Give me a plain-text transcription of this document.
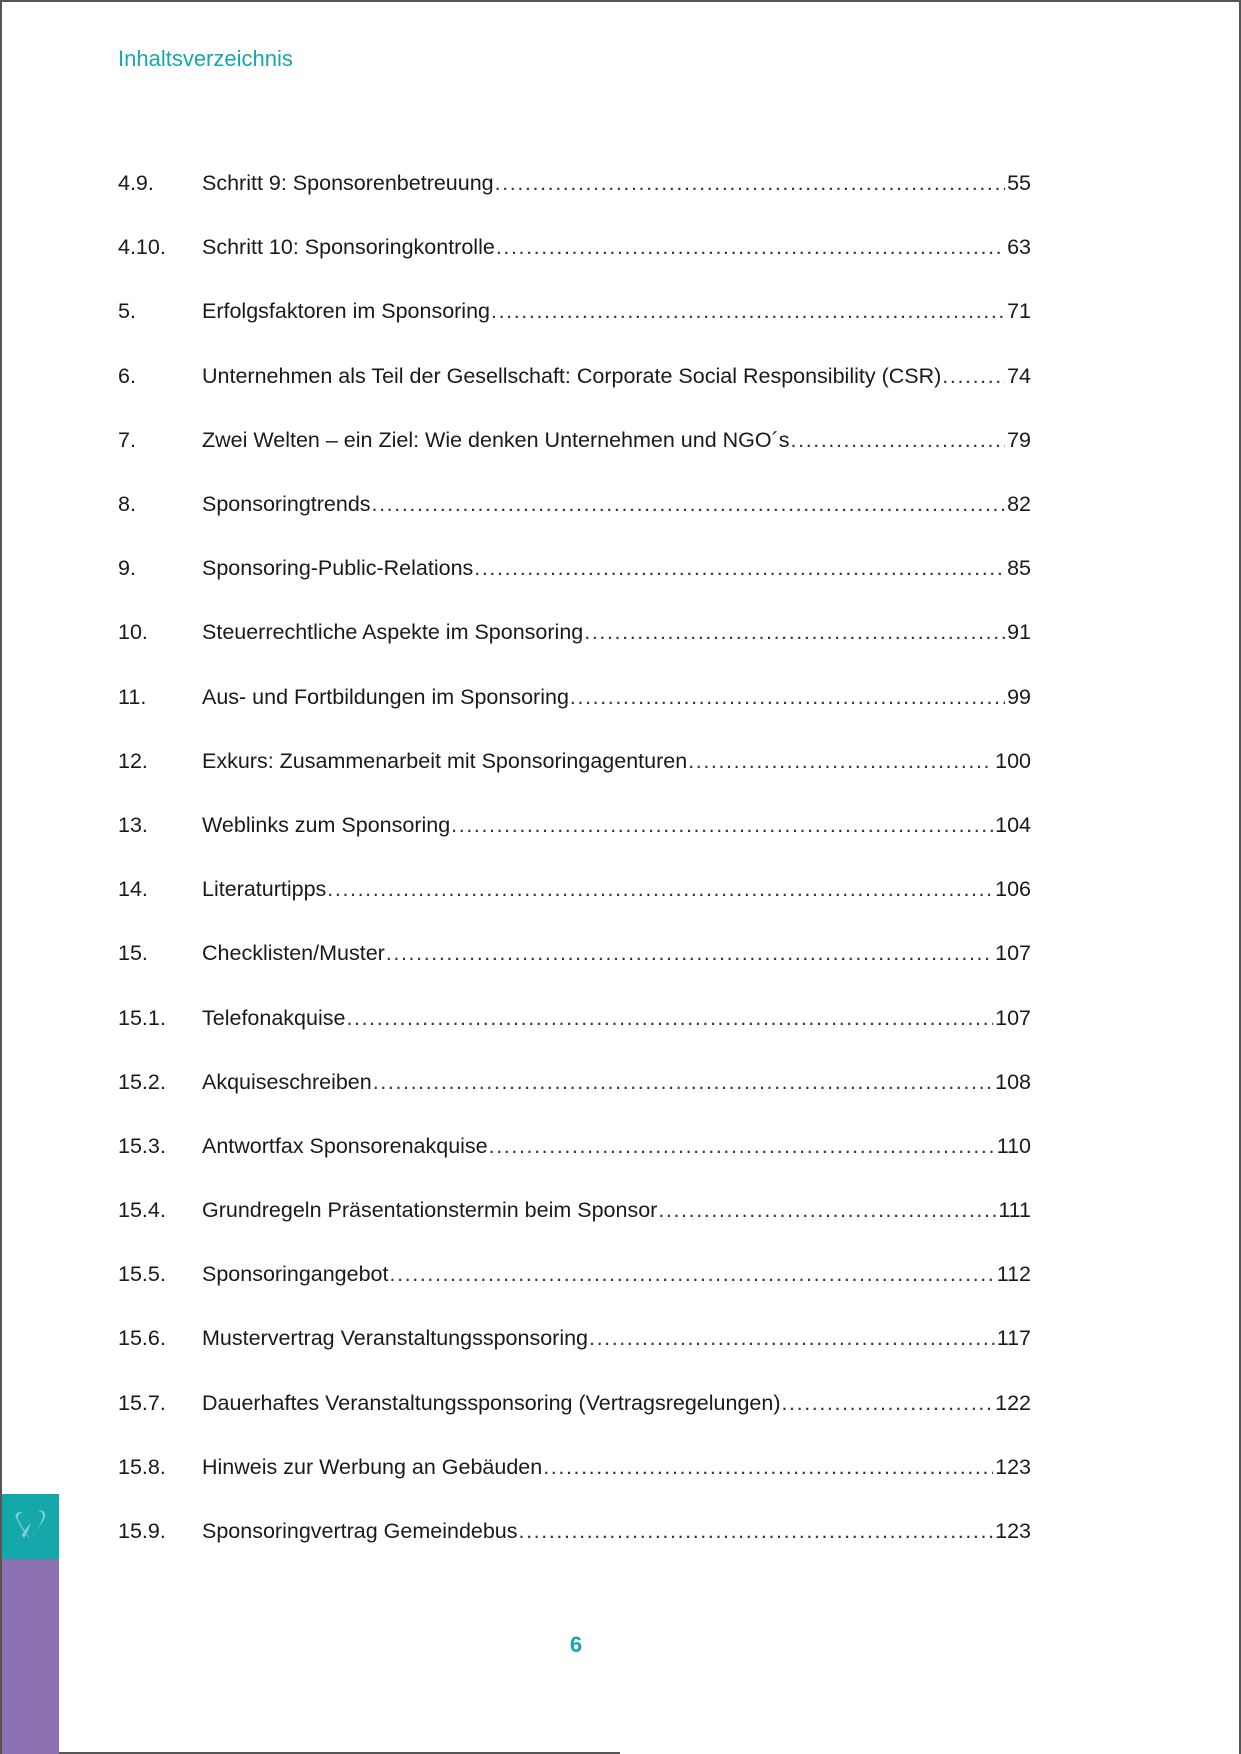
Inhaltsverzeichnis
4.9.	Schritt 9: Sponsorenbetreuung .....	55
4.10.	Schritt 10: Sponsoringkontrolle .....	63
5.	Erfolgsfaktoren im Sponsoring .....	71
6.	Unternehmen als Teil der Gesellschaft: Corporate Social Responsibility (CSR) .....	74
7.	Zwei Welten – ein Ziel: Wie denken Unternehmen und NGO´s .....	79
8.	Sponsoringtrends .....	82
9.	Sponsoring-Public-Relations .....	85
10.	Steuerrechtliche Aspekte im Sponsoring .....	91
11.	Aus- und Fortbildungen im Sponsoring .....	99
12.	Exkurs: Zusammenarbeit mit Sponsoringagenturen .....	100
13.	Weblinks zum Sponsoring .....	104
14.	Literaturtipps .....	106
15.	Checklisten/Muster .....	107
15.1.	Telefonakquise .....	107
15.2.	Akquiseschreiben .....	108
15.3.	Antwortfax Sponsorenakquise .....	110
15.4.	Grundregeln Präsentationstermin beim Sponsor .....	111
15.5.	Sponsoringangebot .....	112
15.6.	Mustervertrag Veranstaltungssponsoring .....	117
15.7.	Dauerhaftes Veranstaltungssponsoring (Vertragsregelungen) .....	122
15.8.	Hinweis zur Werbung an Gebäuden .....	123
15.9.	Sponsoringvertrag Gemeindebus .....	123
6
